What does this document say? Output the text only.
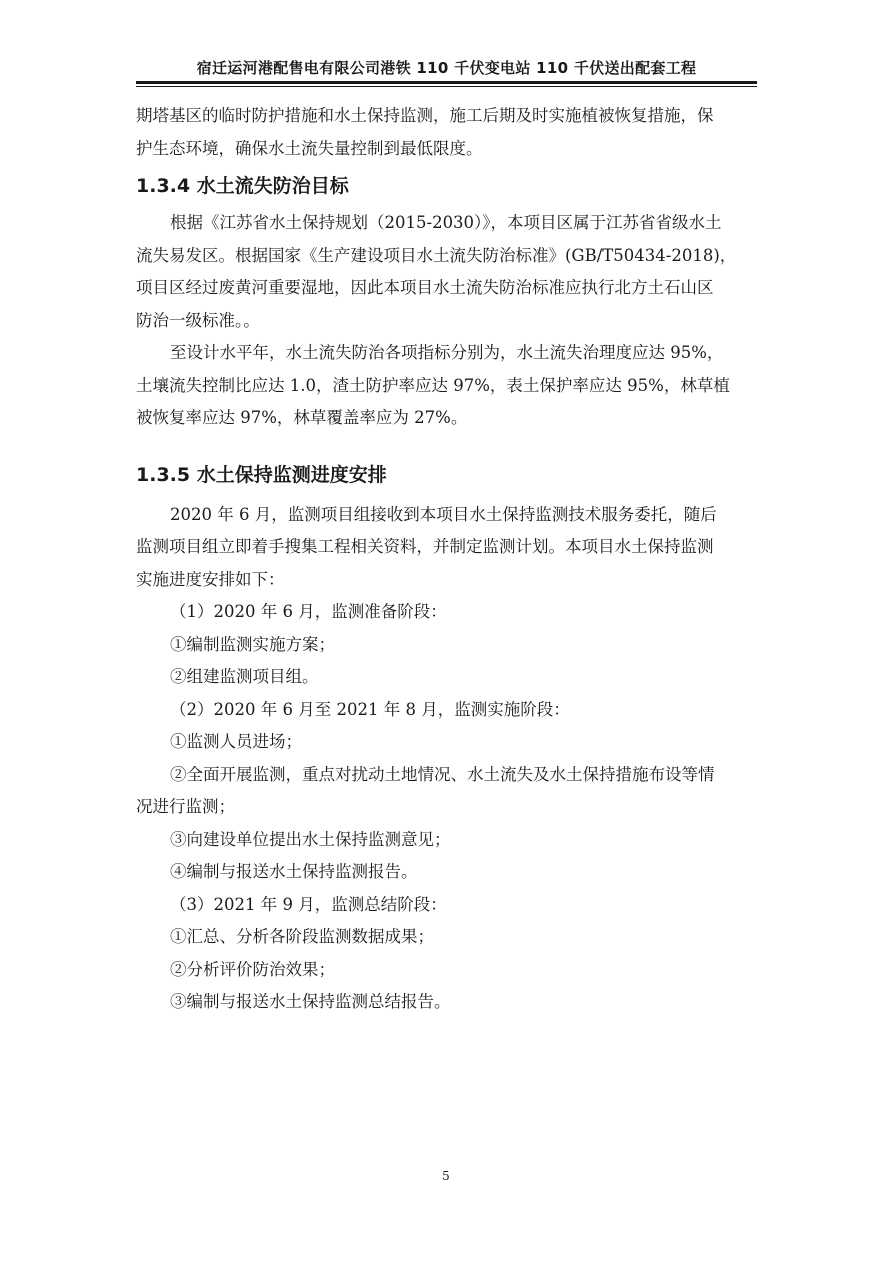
宿迁运河港配售电有限公司港铁 110 千伏变电站 110 千伏送出配套工程

期塔基区的临时防护措施和水土保持监测，施工后期及时实施植被恢复措施，保

护生态环境，确保水土流失量控制到最低限度。

1.3.4 水土流失防治目标

根据《江苏省水土保持规划（2015-2030）》，本项目区属于江苏省省级水土

流失易发区。根据国家《生产建设项目水土流失防治标准》(GB/T50434-2018)，

项目区经过废黄河重要湿地，因此本项目水土流失防治标准应执行北方土石山区

防治一级标准。。

至设计水平年，水土流失防治各项指标分别为，水土流失治理度应达 95%，

土壤流失控制比应达 1.0，渣土防护率应达 97%，表土保护率应达 95%，林草植

被恢复率应达 97%，林草覆盖率应为 27%。

1.3.5 水土保持监测进度安排

2020 年 6 月，监测项目组接收到本项目水土保持监测技术服务委托，随后

监测项目组立即着手搜集工程相关资料，并制定监测计划。本项目水土保持监测

实施进度安排如下：

（1）2020 年 6 月，监测准备阶段：

①编制监测实施方案；

②组建监测项目组。

（2）2020 年 6 月至 2021 年 8 月，监测实施阶段：

①监测人员进场；

②全面开展监测，重点对扰动土地情况、水土流失及水土保持措施布设等情

况进行监测；

③向建设单位提出水土保持监测意见；

④编制与报送水土保持监测报告。

（3）2021 年 9 月，监测总结阶段：

①汇总、分析各阶段监测数据成果；

②分析评价防治效果；

③编制与报送水土保持监测总结报告。

5
